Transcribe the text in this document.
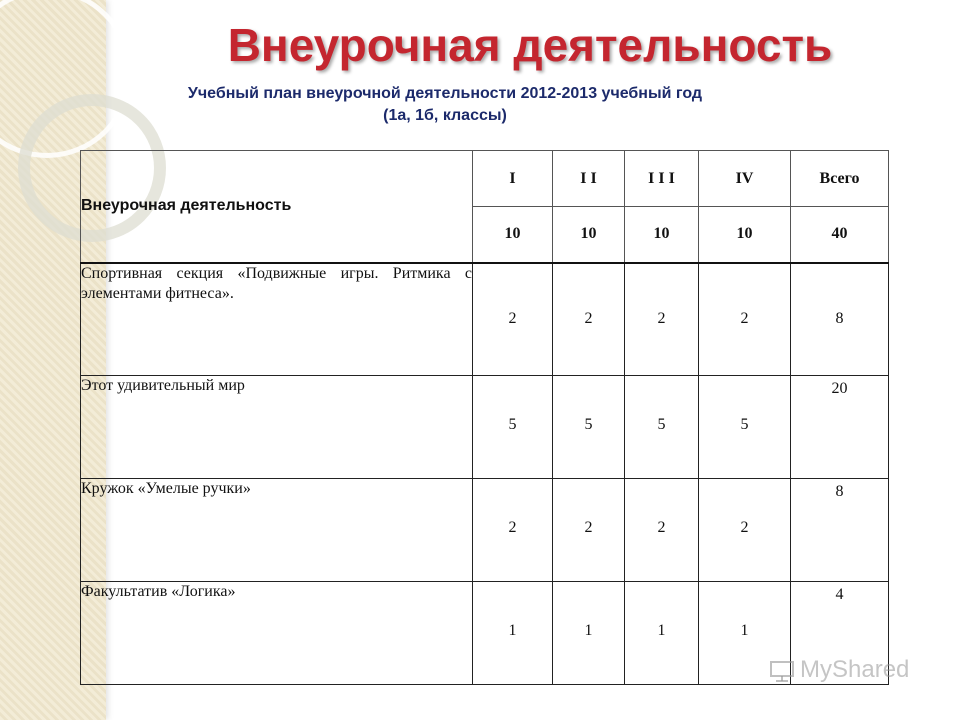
Внеурочная деятельность
Учебный план внеурочной деятельности 2012-2013 учебный год
(1а, 1б, классы)
Внеурочная деятельность	I	I I	I I I	IV	Всего
	10	10	10	10	40
Спортивная секция «Подвижные игры. Ритмика с элементами фитнеса».	2	2	2	2	8
Этот удивительный мир	5	5	5	5	20
Кружок «Умелые ручки»	2	2	2	2	8
Факультатив «Логика»	1	1	1	1	4
MyShared
